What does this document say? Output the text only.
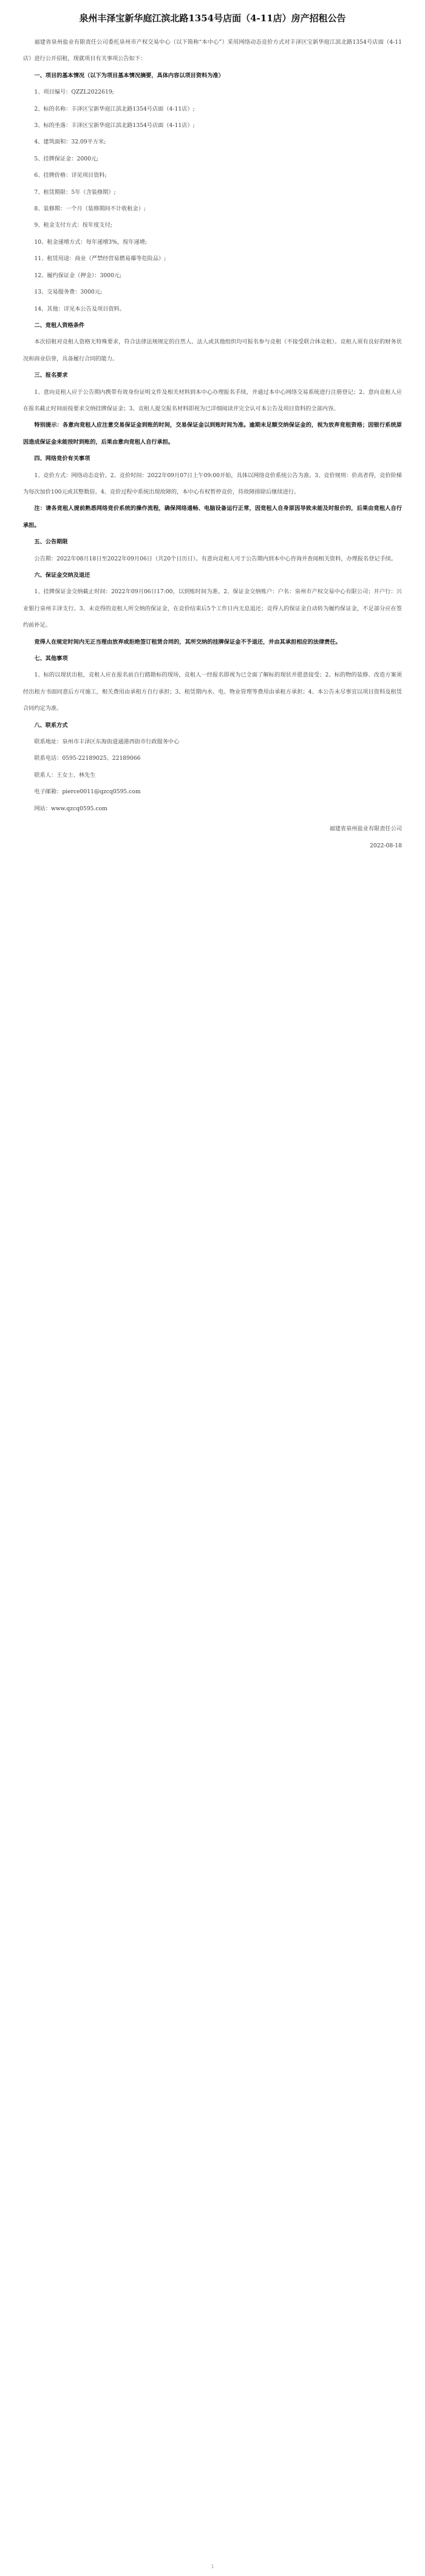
泉州丰泽宝新华庭江滨北路1354号店面（4-11店）房产招租公告

福建省泉州盐业有限责任公司委托泉州市产权交易中心（以下简称“本中心”）采用网络动态竞价方式对丰泽区宝新华庭江滨北路1354号店面（4-11店）进行公开招租，现就项目有关事项公告如下：

一、项目的基本情况（以下为项目基本情况摘要，具体内容以项目资料为准）

1、项目编号：QZZL2022619;

2、标的名称：丰泽区宝新华庭江滨北路1354号店面（4-11店）;

3、标的坐落：丰泽区宝新华庭江滨北路1354号店面（4-11店）;

4、建筑面积：32.09平方米;

5、挂牌保证金：2000元;

6、挂牌价格：详见项目资料;

7、租赁期限：5年（含装修期）;

8、装修期：一个月（装修期间不计收租金）;

9、租金支付方式：按年度支付;

10、租金递增方式：每年递增3%，按年递增;

11、租赁用途：商业（严禁经营易燃易爆等危险品）;

12、履约保证金（押金）：3000元;

13、交易服务费：3000元;

14、其他：详见本公告及项目资料。

二、竞租人资格条件

本次招租对竞租人资格无特殊要求，符合法律法规规定的自然人、法人或其他组织均可报名参与竞租（不接受联合体竞租）。竞租人须有良好的财务状况和商业信誉，具备履行合同的能力。

三、报名要求

1、意向竞租人应于公告期内携带有效身份证明文件及相关材料到本中心办理报名手续，并通过本中心网络交易系统进行注册登记；2、意向竞租人应在报名截止时间前按要求交纳挂牌保证金；3、竞租人提交报名材料即视为已详细阅读并完全认可本公告及项目资料的全部内容。

特别提示：各意向竞租人应注意交易保证金到账的时间，交易保证金以到账时间为准。逾期未足额交纳保证金的，视为放弃竞租资格；因银行系统原因造成保证金未能按时到账的，后果由意向竞租人自行承担。

四、网络竞价有关事项

1、竞价方式：网络动态竞价。2、竞价时间：2022年09月07日上午09:00开始，具体以网络竞价系统公告为准。3、竞价规则：价高者得，竞价阶梯为每次加价100元或其整数倍。4、竞价过程中系统出现故障的，本中心有权暂停竞价，待故障排除后继续进行。

注：请各竞租人提前熟悉网络竞价系统的操作流程，确保网络通畅、电脑设备运行正常，因竞租人自身原因导致未能及时报价的，后果由竞租人自行承担。

五、公告期限

公告期：2022年08月18日至2022年09月06日（共20个日历日）。有意向竞租人可于公告期内到本中心咨询并查阅相关资料，办理报名登记手续。

六、保证金交纳及退还

1、挂牌保证金交纳截止时间：2022年09月06日17:00，以到账时间为准。2、保证金交纳账户：户名：泉州市产权交易中心有限公司；开户行：兴业银行泉州丰泽支行。3、未竞得的竞租人所交纳的保证金，在竞价结束后5个工作日内无息退还；竞得人的保证金自动转为履约保证金，不足部分应在签约前补足。

竞得人在规定时间内无正当理由放弃或拒绝签订租赁合同的，其所交纳的挂牌保证金不予退还，并由其承担相应的法律责任。

七、其他事项

1、标的以现状出租，竞租人应在报名前自行踏勘标的现场，竞租人一经报名即视为已全面了解标的现状并愿意接受；2、标的物的装修、改造方案须经出租方书面同意后方可施工，相关费用由承租方自行承担；3、租赁期内水、电、物业管理等费用由承租方承担；4、本公告未尽事宜以项目资料及租赁合同约定为准。

八、联系方式

联系地址：泉州市丰泽区东海街道通港西街市行政服务中心

联系电话：0595-22189025、22189066

联系人：王女士、林先生

电子邮箱：pierce0011@qzcq0595.com

网站：www.qzcq0595.com

福建省泉州盐业有限责任公司

2022-08-18

1
